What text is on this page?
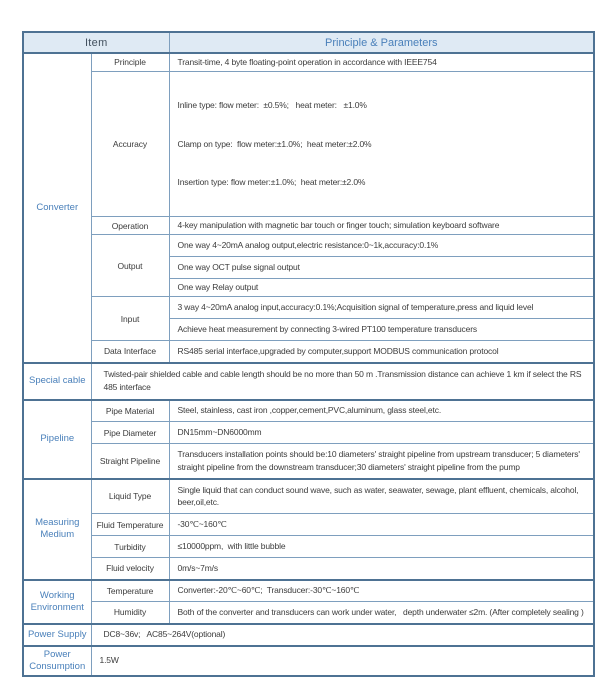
Item		Principle & Parameters
Converter	Principle	Transit-time, 4 byte floating-point operation in accordance with IEEE754
	Accuracy	Inline type: flow meter:  ±0.5%;   heat meter:   ±1.0%

Clamp on type:  flow meter:±1.0%;  heat meter:±2.0%

Insertion type: flow meter:±1.0%;  heat meter:±2.0%

	Operation	4-key manipulation with magnetic bar touch or finger touch; simulation keyboard software
	Output	One way 4~20mA analog output,electric resistance:0~1k,accuracy:0.1%
		One way OCT pulse signal output
		One way Relay output
	Input	3 way 4~20mA analog input,accuracy:0.1%;Acquisition signal of temperature,press and liquid level
		Achieve heat measurement by connecting 3-wired PT100 temperature transducers
	Data Interface	RS485 serial interface,upgraded by computer,support MODBUS communication protocol
Special cable	Twisted-pair shielded cable and cable length should be no more than 50 m .Transmission distance can achieve 1 km if select the RS 485 interface	
Pipeline	Pipe Material	Steel, stainless, cast iron ,copper,cement,PVC,aluminum, glass steel,etc.
	Pipe Diameter	DN15mm~DN6000mm
	Straight Pipeline	Transducers installation points should be:10 diameters' straight pipeline from upstream transducer; 5 diameters' straight pipeline from the downstream transducer;30 diameters' straight pipeline from the pump
Measuring Medium	Liquid Type	Single liquid that can conduct sound wave, such as water, seawater, sewage, plant effluent, chemicals, alcohol, beer,oil,etc.
	Fluid Temperature	-30℃~160℃
	Turbidity	≤10000ppm,  with little bubble
	Fluid velocity	0m/s~7m/s
Working Environment	Temperature	Converter:-20℃~60℃;  Transducer:-30℃~160℃
	Humidity	Both of the converter and transducers can work under water,   depth underwater ≤2m. (After completely sealing )
Power Supply	DC8~36v;   AC85~264V(optional)	
Power Consumption	1.5W	
